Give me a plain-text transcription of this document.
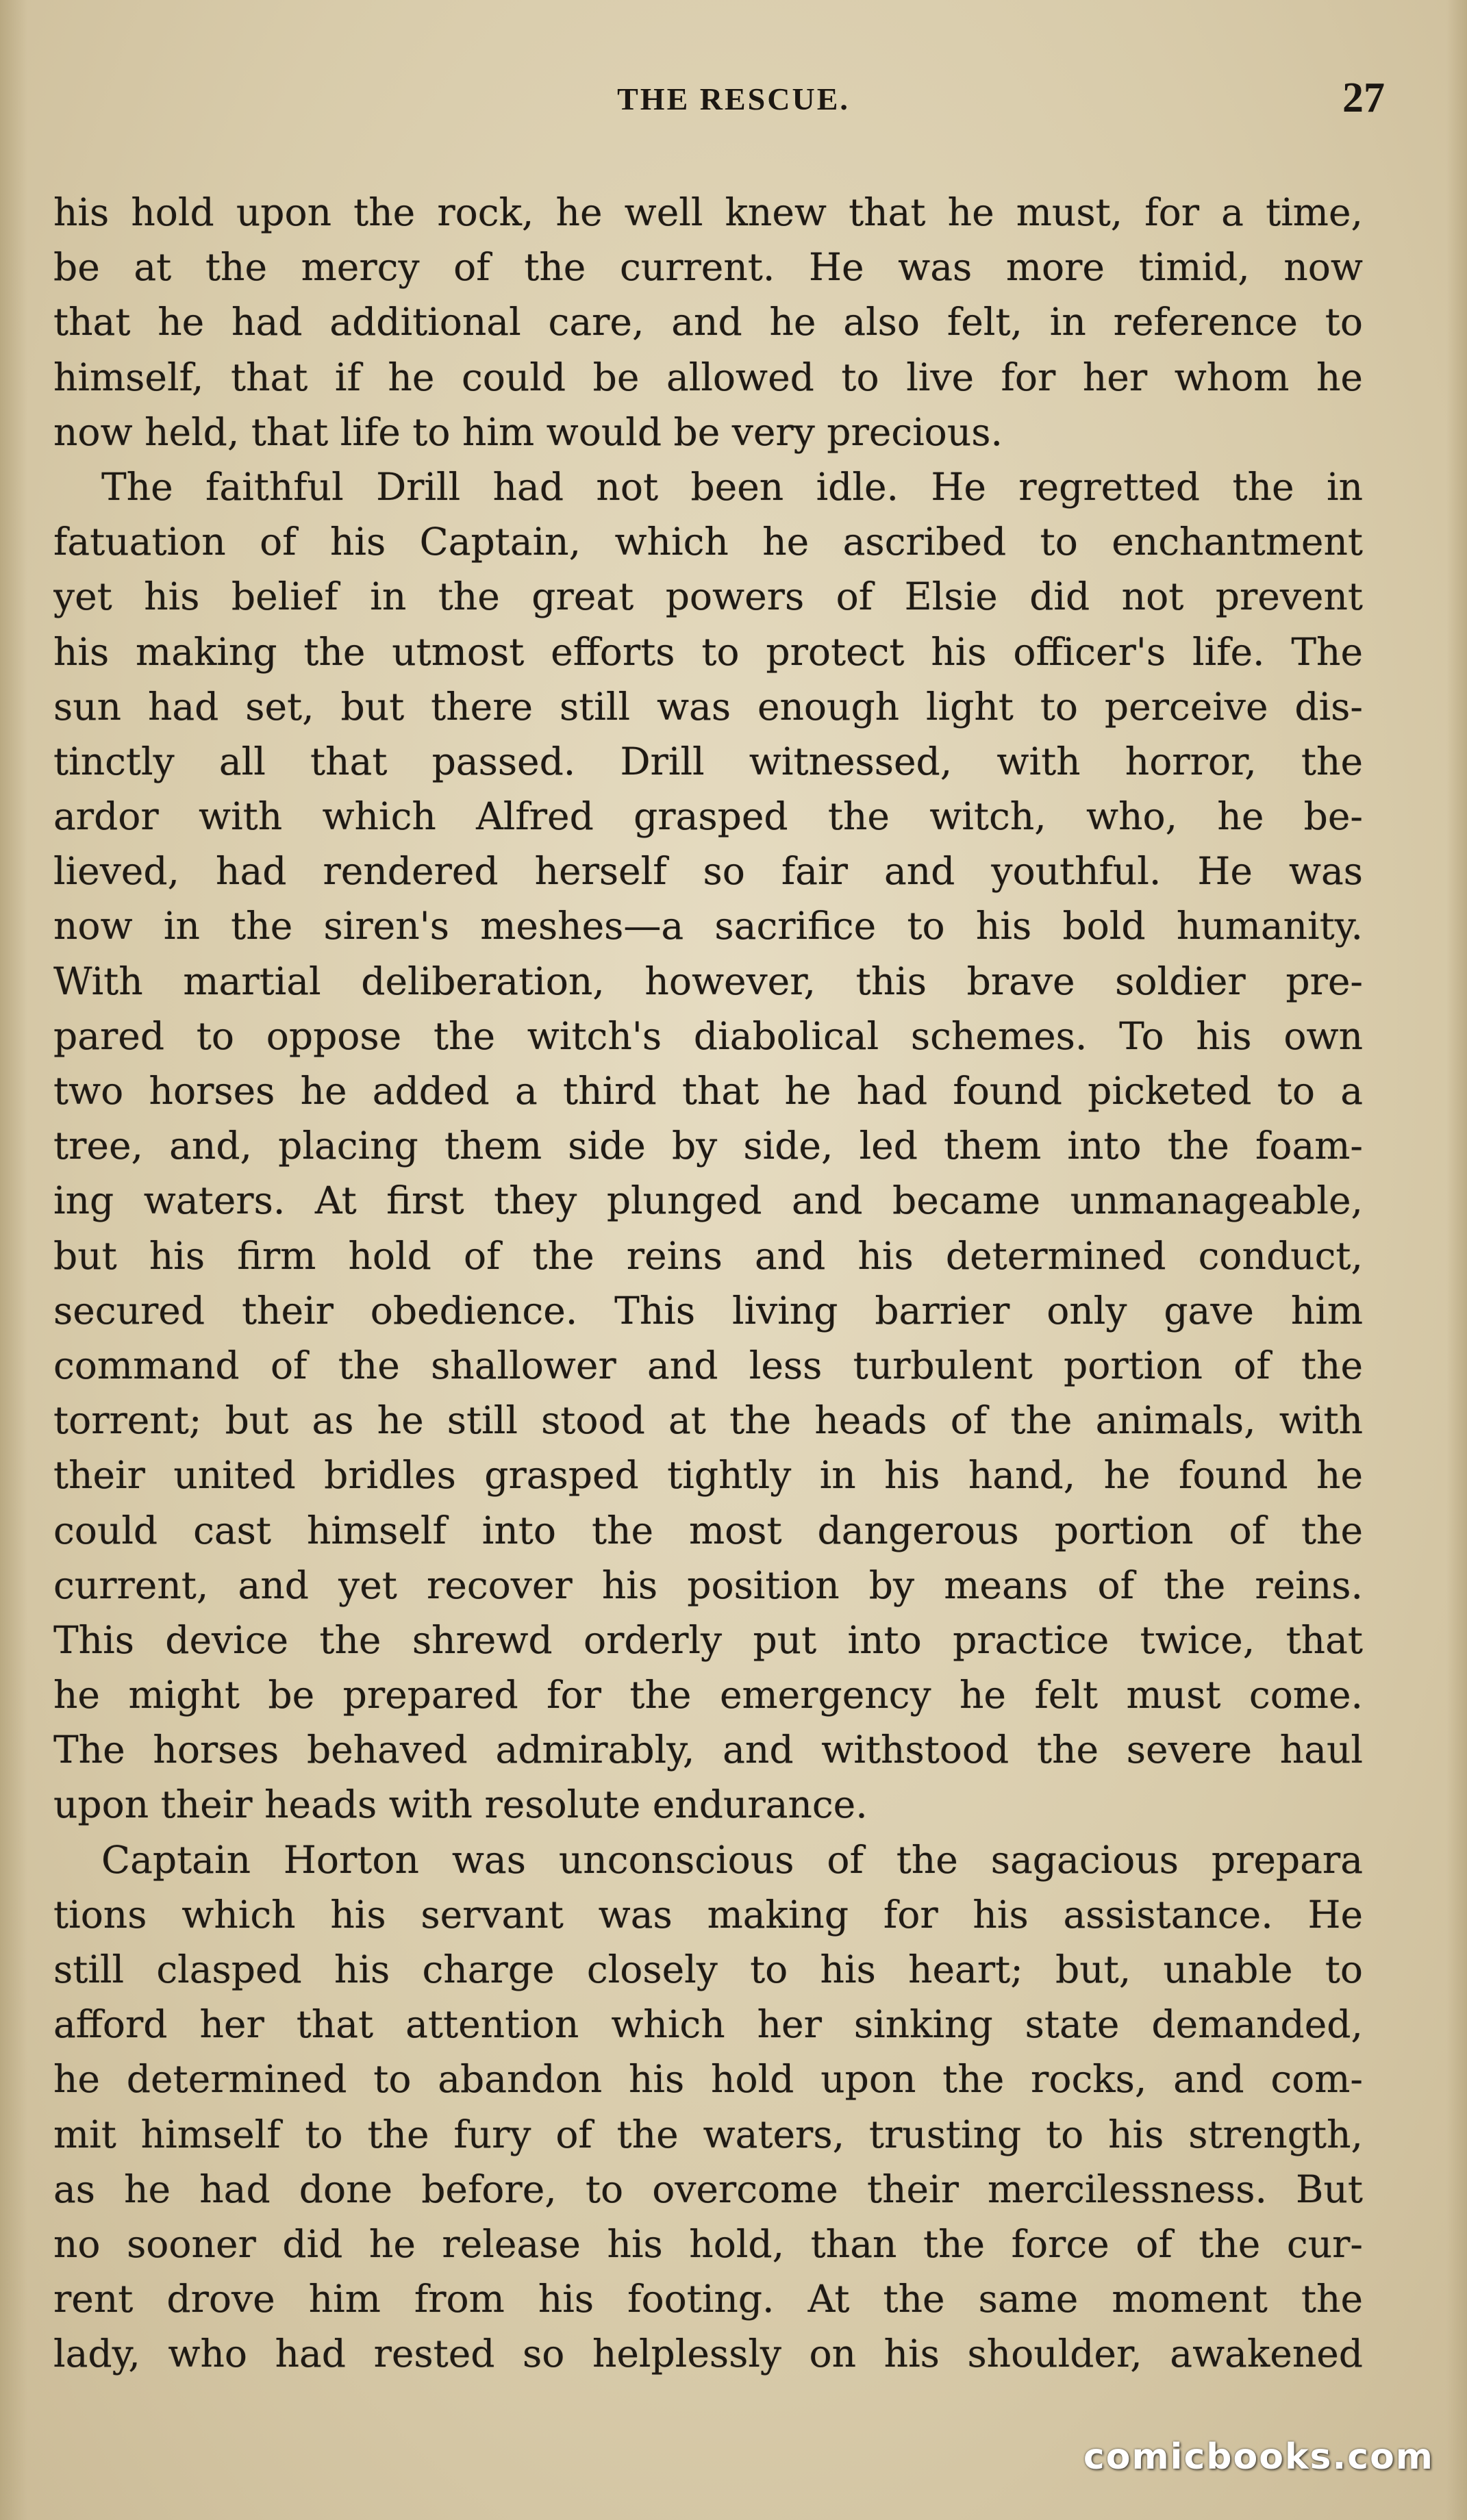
THE RESCUE.	27
his hold upon the rock, he well knew that he must, for a time,
be at the mercy of the current. He was more timid, now
that he had additional care, and he also felt, in reference to
himself, that if he could be allowed to live for her whom he
now held, that life to him would be very precious.
The faithful Drill had not been idle. He regretted the in
fatuation of his Captain, which he ascribed to enchantment
yet his belief in the great powers of Elsie did not prevent
his making the utmost efforts to protect his officer's life. The
sun had set, but there still was enough light to perceive dis-
tinctly all that passed. Drill witnessed, with horror, the
ardor with which Alfred grasped the witch, who, he be-
lieved, had rendered herself so fair and youthful. He was
now in the siren's meshes—a sacrifice to his bold humanity.
With martial deliberation, however, this brave soldier pre-
pared to oppose the witch's diabolical schemes. To his own
two horses he added a third that he had found picketed to a
tree, and, placing them side by side, led them into the foam-
ing waters. At first they plunged and became unmanageable,
but his firm hold of the reins and his determined conduct,
secured their obedience. This living barrier only gave him
command of the shallower and less turbulent portion of the
torrent; but as he still stood at the heads of the animals, with
their united bridles grasped tightly in his hand, he found he
could cast himself into the most dangerous portion of the
current, and yet recover his position by means of the reins.
This device the shrewd orderly put into practice twice, that
he might be prepared for the emergency he felt must come.
The horses behaved admirably, and withstood the severe haul
upon their heads with resolute endurance.
Captain Horton was unconscious of the sagacious prepara
tions which his servant was making for his assistance. He
still clasped his charge closely to his heart; but, unable to
afford her that attention which her sinking state demanded,
he determined to abandon his hold upon the rocks, and com-
mit himself to the fury of the waters, trusting to his strength,
as he had done before, to overcome their mercilessness. But
no sooner did he release his hold, than the force of the cur-
rent drove him from his footing. At the same moment the
lady, who had rested so helplessly on his shoulder, awakened
comicbooks.com
